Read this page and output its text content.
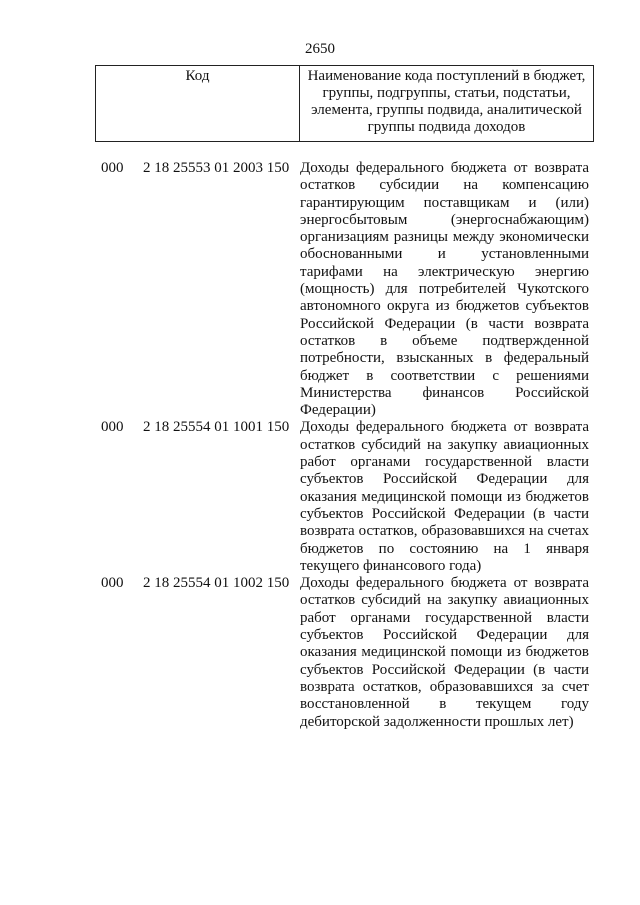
2650
Код	Наименование кода поступлений в бюджет, группы, подгруппы, статьи, подстатьи, элемента, группы подвида, аналитической группы подвида доходов
000	2 18 25553 01 2003 150 Доходы федерального бюджета от возврата остатков субсидии на компенсацию гарантирующим поставщикам и (или) энергосбытовым (энергоснабжающим) организациям разницы между экономически обоснованными и установленными тарифами на электрическую энергию (мощность) для потребителей Чукотского автономного округа из бюджетов субъектов Российской Федерации (в части возврата остатков в объеме подтвержденной потребности, взысканных в федеральный бюджет в соответствии с решениями Министерства финансов Российской Федерации)
000	2 18 25554 01 1001 150 Доходы федерального бюджета от возврата остатков субсидий на закупку авиационных работ органами государственной власти субъектов Российской Федерации для оказания медицинской помощи из бюджетов субъектов Российской Федерации (в части возврата остатков, образовавшихся на счетах бюджетов по состоянию на 1 января текущего финансового года)
000	2 18 25554 01 1002 150 Доходы федерального бюджета от возврата остатков субсидий на закупку авиационных работ органами государственной власти субъектов Российской Федерации для оказания медицинской помощи из бюджетов субъектов Российской Федерации (в части возврата остатков, образовавшихся за счет восстановленной в текущем году дебиторской задолженности прошлых лет)
